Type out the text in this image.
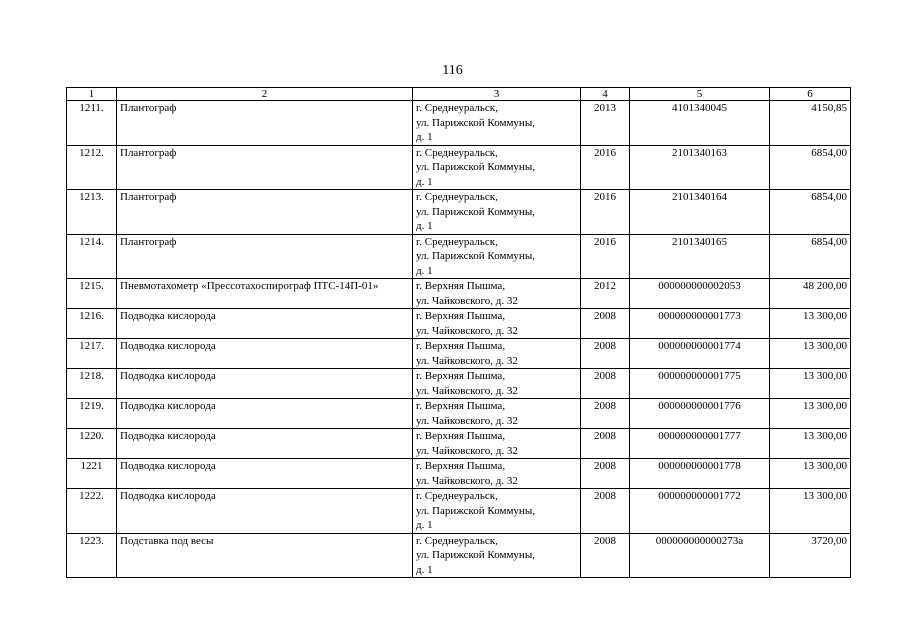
116
1	2	3	4	5	6
1211.	Плантограф	г. Среднеуральск,
ул. Парижской Коммуны,
д. 1	2013	4101340045	4150,85
1212.	Плантограф	г. Среднеуральск,
ул. Парижской Коммуны,
д. 1	2016	2101340163	6854,00
1213.	Плантограф	г. Среднеуральск,
ул. Парижской Коммуны,
д. 1	2016	2101340164	6854,00
1214.	Плантограф	г. Среднеуральск,
ул. Парижской Коммуны,
д. 1	2016	2101340165	6854,00
1215.	Пневмотахометр «Прессотахоспирограф ПТС-14П-01»	г. Верхняя Пышма,
ул. Чайковского, д. 32	2012	000000000002053	48 200,00
1216.	Подводка кислорода	г. Верхняя Пышма,
ул. Чайковского, д. 32	2008	000000000001773	13 300,00
1217.	Подводка кислорода	г. Верхняя Пышма,
ул. Чайковского, д. 32	2008	000000000001774	13 300,00
1218.	Подводка кислорода	г. Верхняя Пышма,
ул. Чайковского, д. 32	2008	000000000001775	13 300,00
1219.	Подводка кислорода	г. Верхняя Пышма,
ул. Чайковского, д. 32	2008	000000000001776	13 300,00
1220.	Подводка кислорода	г. Верхняя Пышма,
ул. Чайковского, д. 32	2008	000000000001777	13 300,00
1221	Подводка кислорода	г. Верхняя Пышма,
ул. Чайковского, д. 32	2008	000000000001778	13 300,00
1222.	Подводка кислорода	г. Среднеуральск,
ул. Парижской Коммуны,
д. 1	2008	000000000001772	13 300,00
1223.	Подставка под весы	г. Среднеуральск,
ул. Парижской Коммуны,
д. 1	2008	000000000000273а	3720,00
